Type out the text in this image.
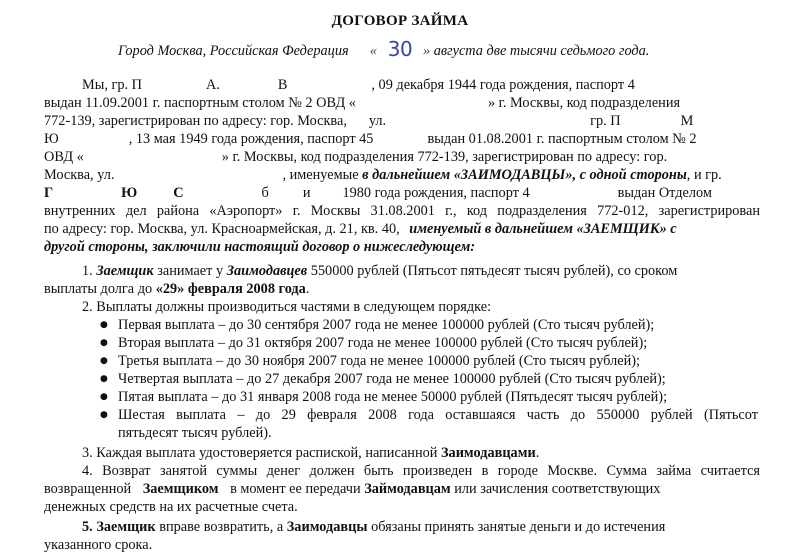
ДОГОВОР ЗАЙМА
Город Москва, Российская Федерация « 30 » августа две тысячи седьмого года.
Мы, гр. П	А.	В	, 09 декабря 1944 года рождения, паспорт 4
выдан 11.09.2001 г. паспортным столом № 2 ОВД «	» г. Москвы, код подразделения
772-139, зарегистрирован по адресу: гор. Москва, ул.	гр. П	М
Ю	, 13 мая 1949 года рождения, паспорт 45	выдан 01.08.2001 г. паспортным столом № 2
ОВД «	» г. Москвы, код подразделения 772-139, зарегистрирован по адресу: гор.
Москва, ул.	, именуемые в дальнейшем «ЗАИМОДАВЦЫ», с одной стороны, и гр.
Г	Ю	С	б и 1980 года рождения, паспорт 4	выдан Отделом
внутренних дел района «Аэропорт» г. Москвы 31.08.2001 г., код подразделения 772-012, зарегистрирован
по адресу: гор. Москва, ул. Красноармейская, д. 21, кв. 40, именуемый в дальнейшем «ЗАЕМЩИК» с
другой стороны, заключили настоящий договор о нижеследующем:
1. Заемщик занимает у Заимодавцев 550000 рублей (Пятьсот пятьдесят тысяч рублей), со сроком
выплаты долга до «29» февраля 2008 года.
2. Выплаты должны производиться частями в следующем порядке:
● Первая выплата – до 30 сентября 2007 года не менее 100000 рублей (Сто тысяч рублей);
● Вторая выплата – до 31 октября 2007 года не менее 100000 рублей (Сто тысяч рублей);
● Третья выплата – до 30 ноября 2007 года не менее 100000 рублей (Сто тысяч рублей);
● Четвертая выплата – до 27 декабря 2007 года не менее 100000 рублей (Сто тысяч рублей);
● Пятая выплата – до 31 января 2008 года не менее 50000 рублей (Пятьдесят тысяч рублей);
● Шестая выплата – до 29 февраля 2008 года оставшаяся часть до 550000 рублей (Пятьсот
пятьдесят тысяч рублей).
3. Каждая выплата удостоверяется распиской, написанной Заимодавцами.
4. Возврат занятой суммы денег должен быть произведен в городе Москве. Сумма займа считается
возвращенной Заемщиком в момент ее передачи Займодавцам или зачисления соответствующих
денежных средств на их расчетные счета.
5. Заемщик вправе возвратить, а Заимодавцы обязаны принять занятые деньги и до истечения
указанного срока.
